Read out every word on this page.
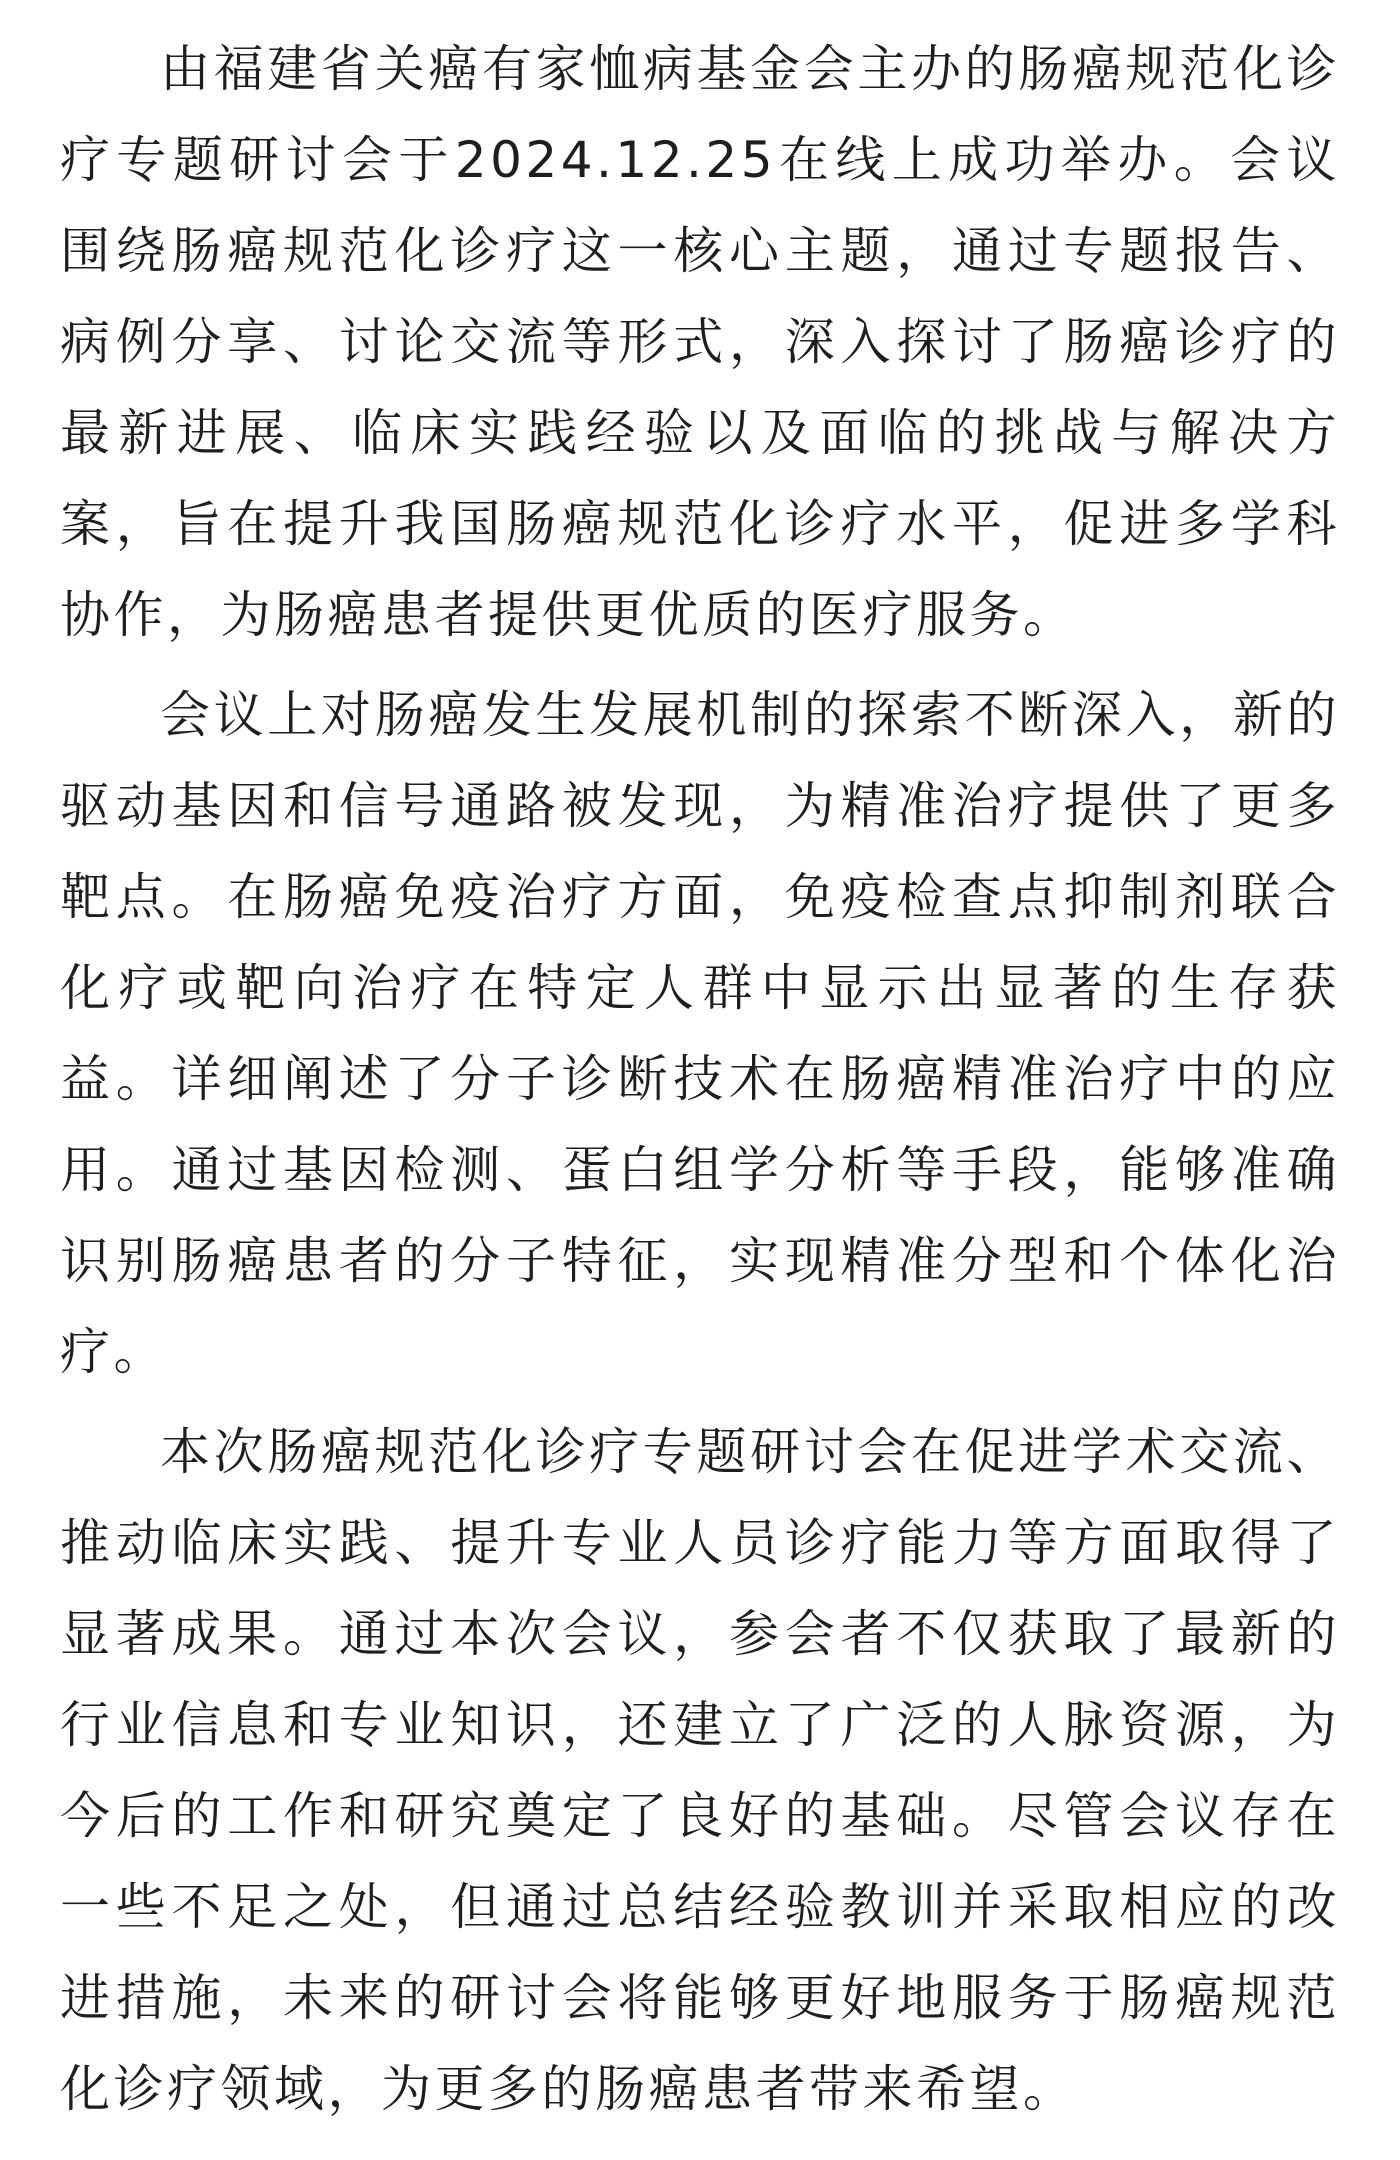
由福建省关癌有家恤病基金会主办的肠癌规范化诊疗专题研讨会于2024.12.25在线上成功举办。会议围绕肠癌规范化诊疗这一核心主题，通过专题报告、病例分享、讨论交流等形式，深入探讨了肠癌诊疗的最新进展、临床实践经验以及面临的挑战与解决方案，旨在提升我国肠癌规范化诊疗水平，促进多学科协作，为肠癌患者提供更优质的医疗服务。

会议上对肠癌发生发展机制的探索不断深入，新的驱动基因和信号通路被发现，为精准治疗提供了更多靶点。在肠癌免疫治疗方面，免疫检查点抑制剂联合化疗或靶向治疗在特定人群中显示出显著的生存获益。详细阐述了分子诊断技术在肠癌精准治疗中的应用。通过基因检测、蛋白组学分析等手段，能够准确识别肠癌患者的分子特征，实现精准分型和个体化治疗。

本次肠癌规范化诊疗专题研讨会在促进学术交流、推动临床实践、提升专业人员诊疗能力等方面取得了显著成果。通过本次会议，参会者不仅获取了最新的行业信息和专业知识，还建立了广泛的人脉资源，为今后的工作和研究奠定了良好的基础。尽管会议存在一些不足之处，但通过总结经验教训并采取相应的改进措施，未来的研讨会将能够更好地服务于肠癌规范化诊疗领域，为更多的肠癌患者带来希望。
